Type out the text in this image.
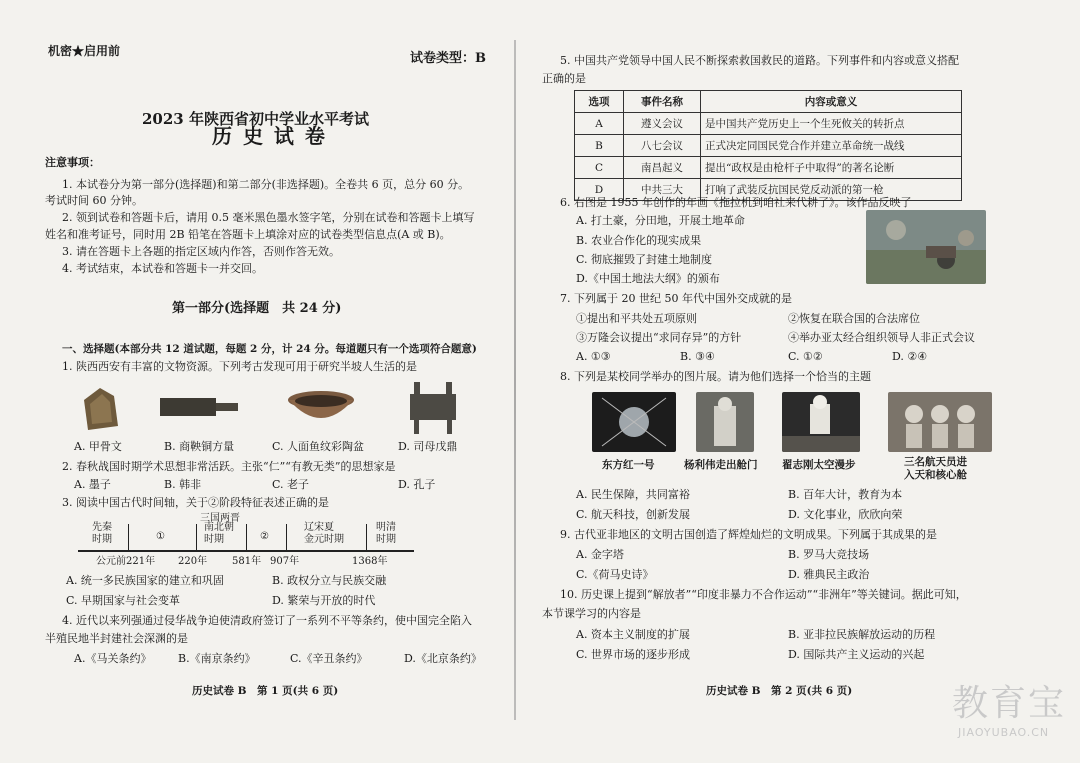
机密★启用前	试卷类型：B
2023 年陕西省初中学业水平考试
历 史 试 卷
注意事项：
1. 本试卷分为第一部分(选择题)和第二部分(非选择题)。全卷共 6 页，总分 60 分。
考试时间 60 分钟。
2. 领到试卷和答题卡后，请用 0.5 毫米黑色墨水签字笔，分别在试卷和答题卡上填写
姓名和准考证号，同时用 2B 铅笔在答题卡上填涂对应的试卷类型信息点(A 或 B)。
3. 请在答题卡上各题的指定区域内作答，否则作答无效。
4. 考试结束，本试卷和答题卡一并交回。
第一部分(选择题　共 24 分)
一、选择题(本部分共 12 道试题，每题 2 分，计 24 分。每道题只有一个选项符合题意)
1. 陕西西安有丰富的文物资源。下列考古发现可用于研究半坡人生活的是
A. 甲骨文	B. 商鞅铜方量	C. 人面鱼纹彩陶盆	D. 司母戊鼎
2. 春秋战国时期学术思想非常活跃。主张“仁”“有教无类”的思想家是
A. 墨子	B. 韩非	C. 老子	D. 孔子
3. 阅读中国古代时间轴，关于②阶段特征表述正确的是
三国两晋
先秦
时期	①
南北朝
时期	②
辽宋夏
金元时期
明清
时期
公元前221年 220年 581年 907年	1368年
A. 统一多民族国家的建立和巩固	B. 政权分立与民族交融
C. 早期国家与社会变革	D. 繁荣与开放的时代
4. 近代以来列强通过侵华战争迫使清政府签订了一系列不平等条约，使中国完全陷入
半殖民地半封建社会深渊的是
A.《马关条约》 B.《南京条约》	C.《辛丑条约》	D.《北京条约》
历史试卷 B　第 1 页(共 6 页)
5. 中国共产党领导中国人民不断探索救国救民的道路。下列事件和内容或意义搭配
正确的是
选项	事件名称	内容或意义
A	遵义会议	是中国共产党历史上一个生死攸关的转折点
B	八七会议	正式决定同国民党合作并建立革命统一战线
C	南昌起义	提出“政权是由枪杆子中取得”的著名论断
D	中共三大	打响了武装反抗国民党反动派的第一枪
6. 右图是 1955 年创作的年画《拖拉机到咱社来代耕了》。该作品反映了
A. 打土豪，分田地，开展土地革命
B. 农业合作化的现实成果
C. 彻底摧毁了封建土地制度
D.《中国土地法大纲》的颁布
7. 下列属于 20 世纪 50 年代中国外交成就的是
①提出和平共处五项原则	②恢复在联合国的合法席位
③万隆会议提出“求同存异”的方针	④举办亚太经合组织领导人非正式会议
A. ①③	B. ③④	C. ①②	D. ②④
8. 下列是某校同学举办的图片展。请为他们选择一个恰当的主题
东方红一号	杨利伟走出舱门 翟志刚太空漫步	三名航天员进
入天和核心舱
A. 民生保障，共同富裕	B. 百年大计，教育为本
C. 航天科技，创新发展	D. 文化事业，欣欣向荣
9. 古代亚非地区的文明古国创造了辉煌灿烂的文明成果。下列属于其成果的是
A. 金字塔	B. 罗马大竞技场
C.《荷马史诗》	D. 雅典民主政治
10. 历史课上提到“解放者”“印度非暴力不合作运动”“非洲年”等关键词。据此可知，
本节课学习的内容是
A. 资本主义制度的扩展	B. 亚非拉民族解放运动的历程
C. 世界市场的逐步形成	D. 国际共产主义运动的兴起
历史试卷 B　第 2 页(共 6 页)	教育宝
JIAOYUBAO.CN
